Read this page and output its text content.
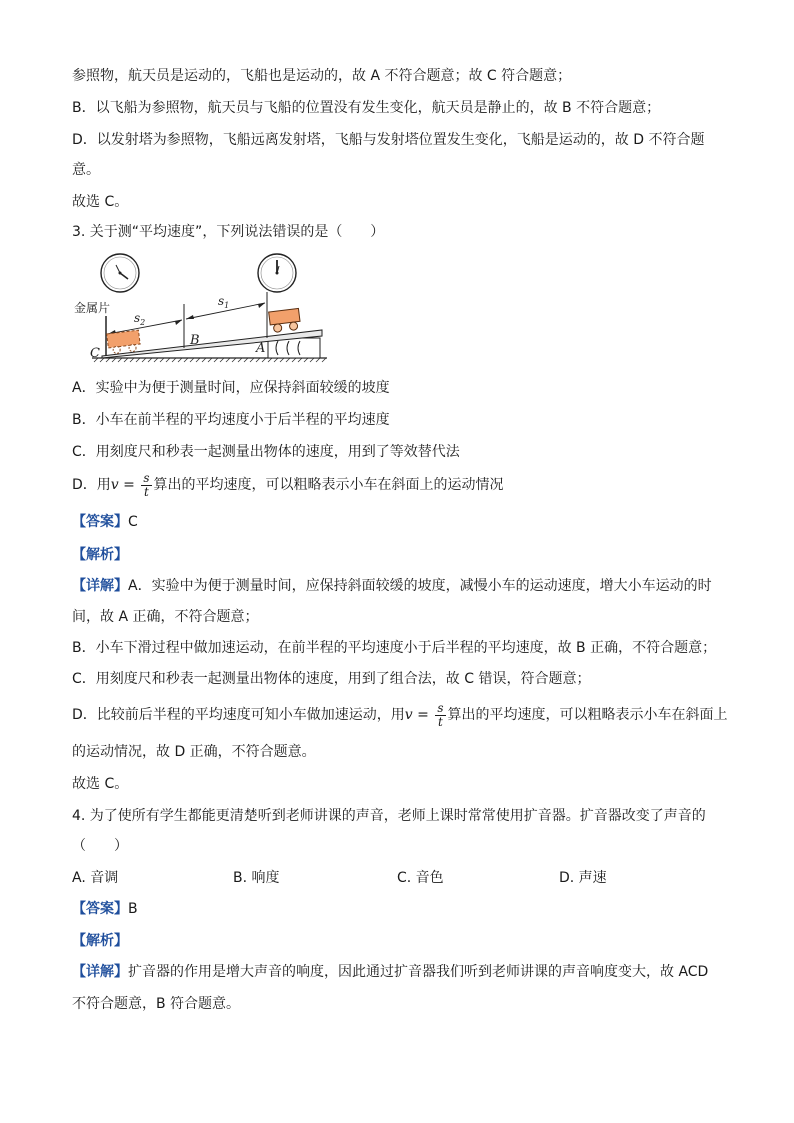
参照物，航天员是运动的，飞船也是运动的，故 A 不符合题意；故 C 符合题意；
B．以飞船为参照物，航天员与飞船的位置没有发生变化，航天员是静止的，故 B 不符合题意；
D．以发射塔为参照物，飞船远离发射塔，飞船与发射塔位置发生变化，飞船是运动的，故 D 不符合题
意。
故选 C。
3. 关于测“平均速度”，下列说法错误的是（　　）
金属片
$s_2$
$s_1$
B
A
C
A．实验中为便于测量时间，应保持斜面较缓的坡度
B．小车在前半程的平均速度小于后半程的平均速度
C．用刻度尺和秒表一起测量出物体的速度，用到了等效替代法
D．用$v = \frac{s}{t}$ 算出的平均速度，可以粗略表示小车在斜面上的运动情况
【答案】C
【解析】
【详解】A．实验中为便于测量时间，应保持斜面较缓的坡度，减慢小车的运动速度，增大小车运动的时
间，故 A 正确，不符合题意；
B．小车下滑过程中做加速运动，在前半程的平均速度小于后半程的平均速度，故 B 正确，不符合题意；
C．用刻度尺和秒表一起测量出物体的速度，用到了组合法，故 C 错误，符合题意；
D．比较前后半程的平均速度可知小车做加速运动，用$v = \frac{s}{t}$ 算出的平均速度，可以粗略表示小车在斜面上
的运动情况，故 D 正确，不符合题意。
故选 C。
4. 为了使所有学生都能更清楚听到老师讲课的声音，老师上课时常常使用扩音器。扩音器改变了声音的
（　　）
A. 音调	B. 响度	C. 音色	D. 声速
【答案】B
【解析】
【详解】扩音器的作用是增大声音的响度，因此通过扩音器我们听到老师讲课的声音响度变大，故 ACD
不符合题意，B 符合题意。
